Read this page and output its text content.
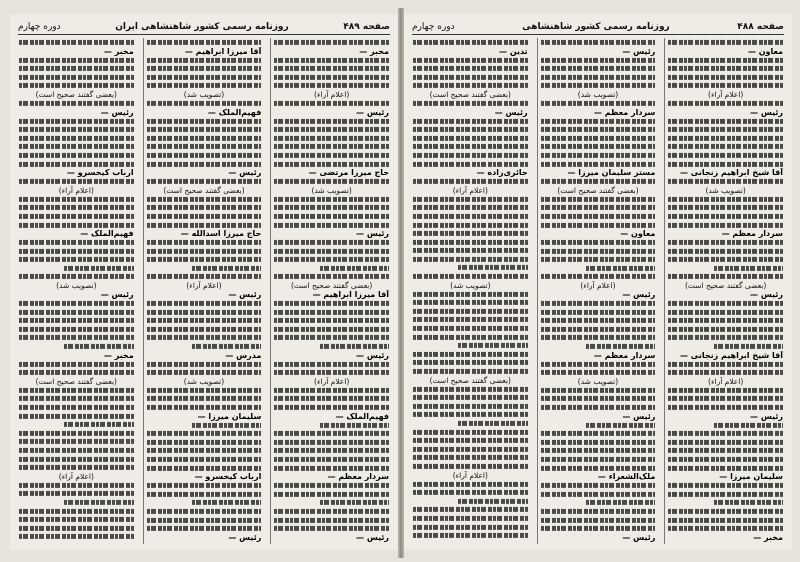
صفحه ۴۸۸
روزنامه رسمی کشور شاهنشاهی
دوره چهارم
معاون —
(اعلام آراء)
رئیس —
آقا شیخ ابراهیم زنجانی —
(تصویب شد)
سردار معظم —
(بعضی گفتند صحیح است)
رئیس —
آقا شیخ ابراهیم زنجانی —
(اعلام آراء)
رئیس —
سلیمان میرزا —
مخبر —
رئیس —
(تصویب شد)
سردار معظم —
مستر سلیمان میرزا —
(بعضی گفتند صحیح است)
معاون —
(اعلام آراء)
رئیس —
سردار معظم —
(تصویب شد)
رئیس —
ملک‌الشعراء —
رئیس —
تدین —
(بعضی گفتند صحیح است)
رئیس —
حائری‌زاده —
(اعلام آراء)
(تصویب شد)
(بعضی گفتند صحیح است)
(اعلام آراء)
صفحه ۴۸۹
روزنامه رسمی کشور شاهنشاهی ایران
دوره چهارم
مخبر —
(اعلام آراء)
رئیس —
حاج میرزا مرتضی —
(تصویب شد)
رئیس —
(بعضی گفتند صحیح است)
آقا میرزا ابراهیم —
رئیس —
(اعلام آراء)
فهیم‌الملک —
سردار معظم —
رئیس —
آقا میرزا ابراهیم —
(تصویب شد)
فهیم‌الملک —
رئیس —
(بعضی گفتند صحیح است)
حاج میرزا اسدالله —
(اعلام آراء)
رئیس —
مدرس —
(تصویب شد)
سلیمان میرزا —
ارباب کیخسرو —
رئیس —
مخبر —
(بعضی گفتند صحیح است)
رئیس —
ارباب کیخسرو —
(اعلام آراء)
فهیم‌الملک —
(تصویب شد)
رئیس —
مخبر —
(بعضی گفتند صحیح است)
(اعلام آراء)
